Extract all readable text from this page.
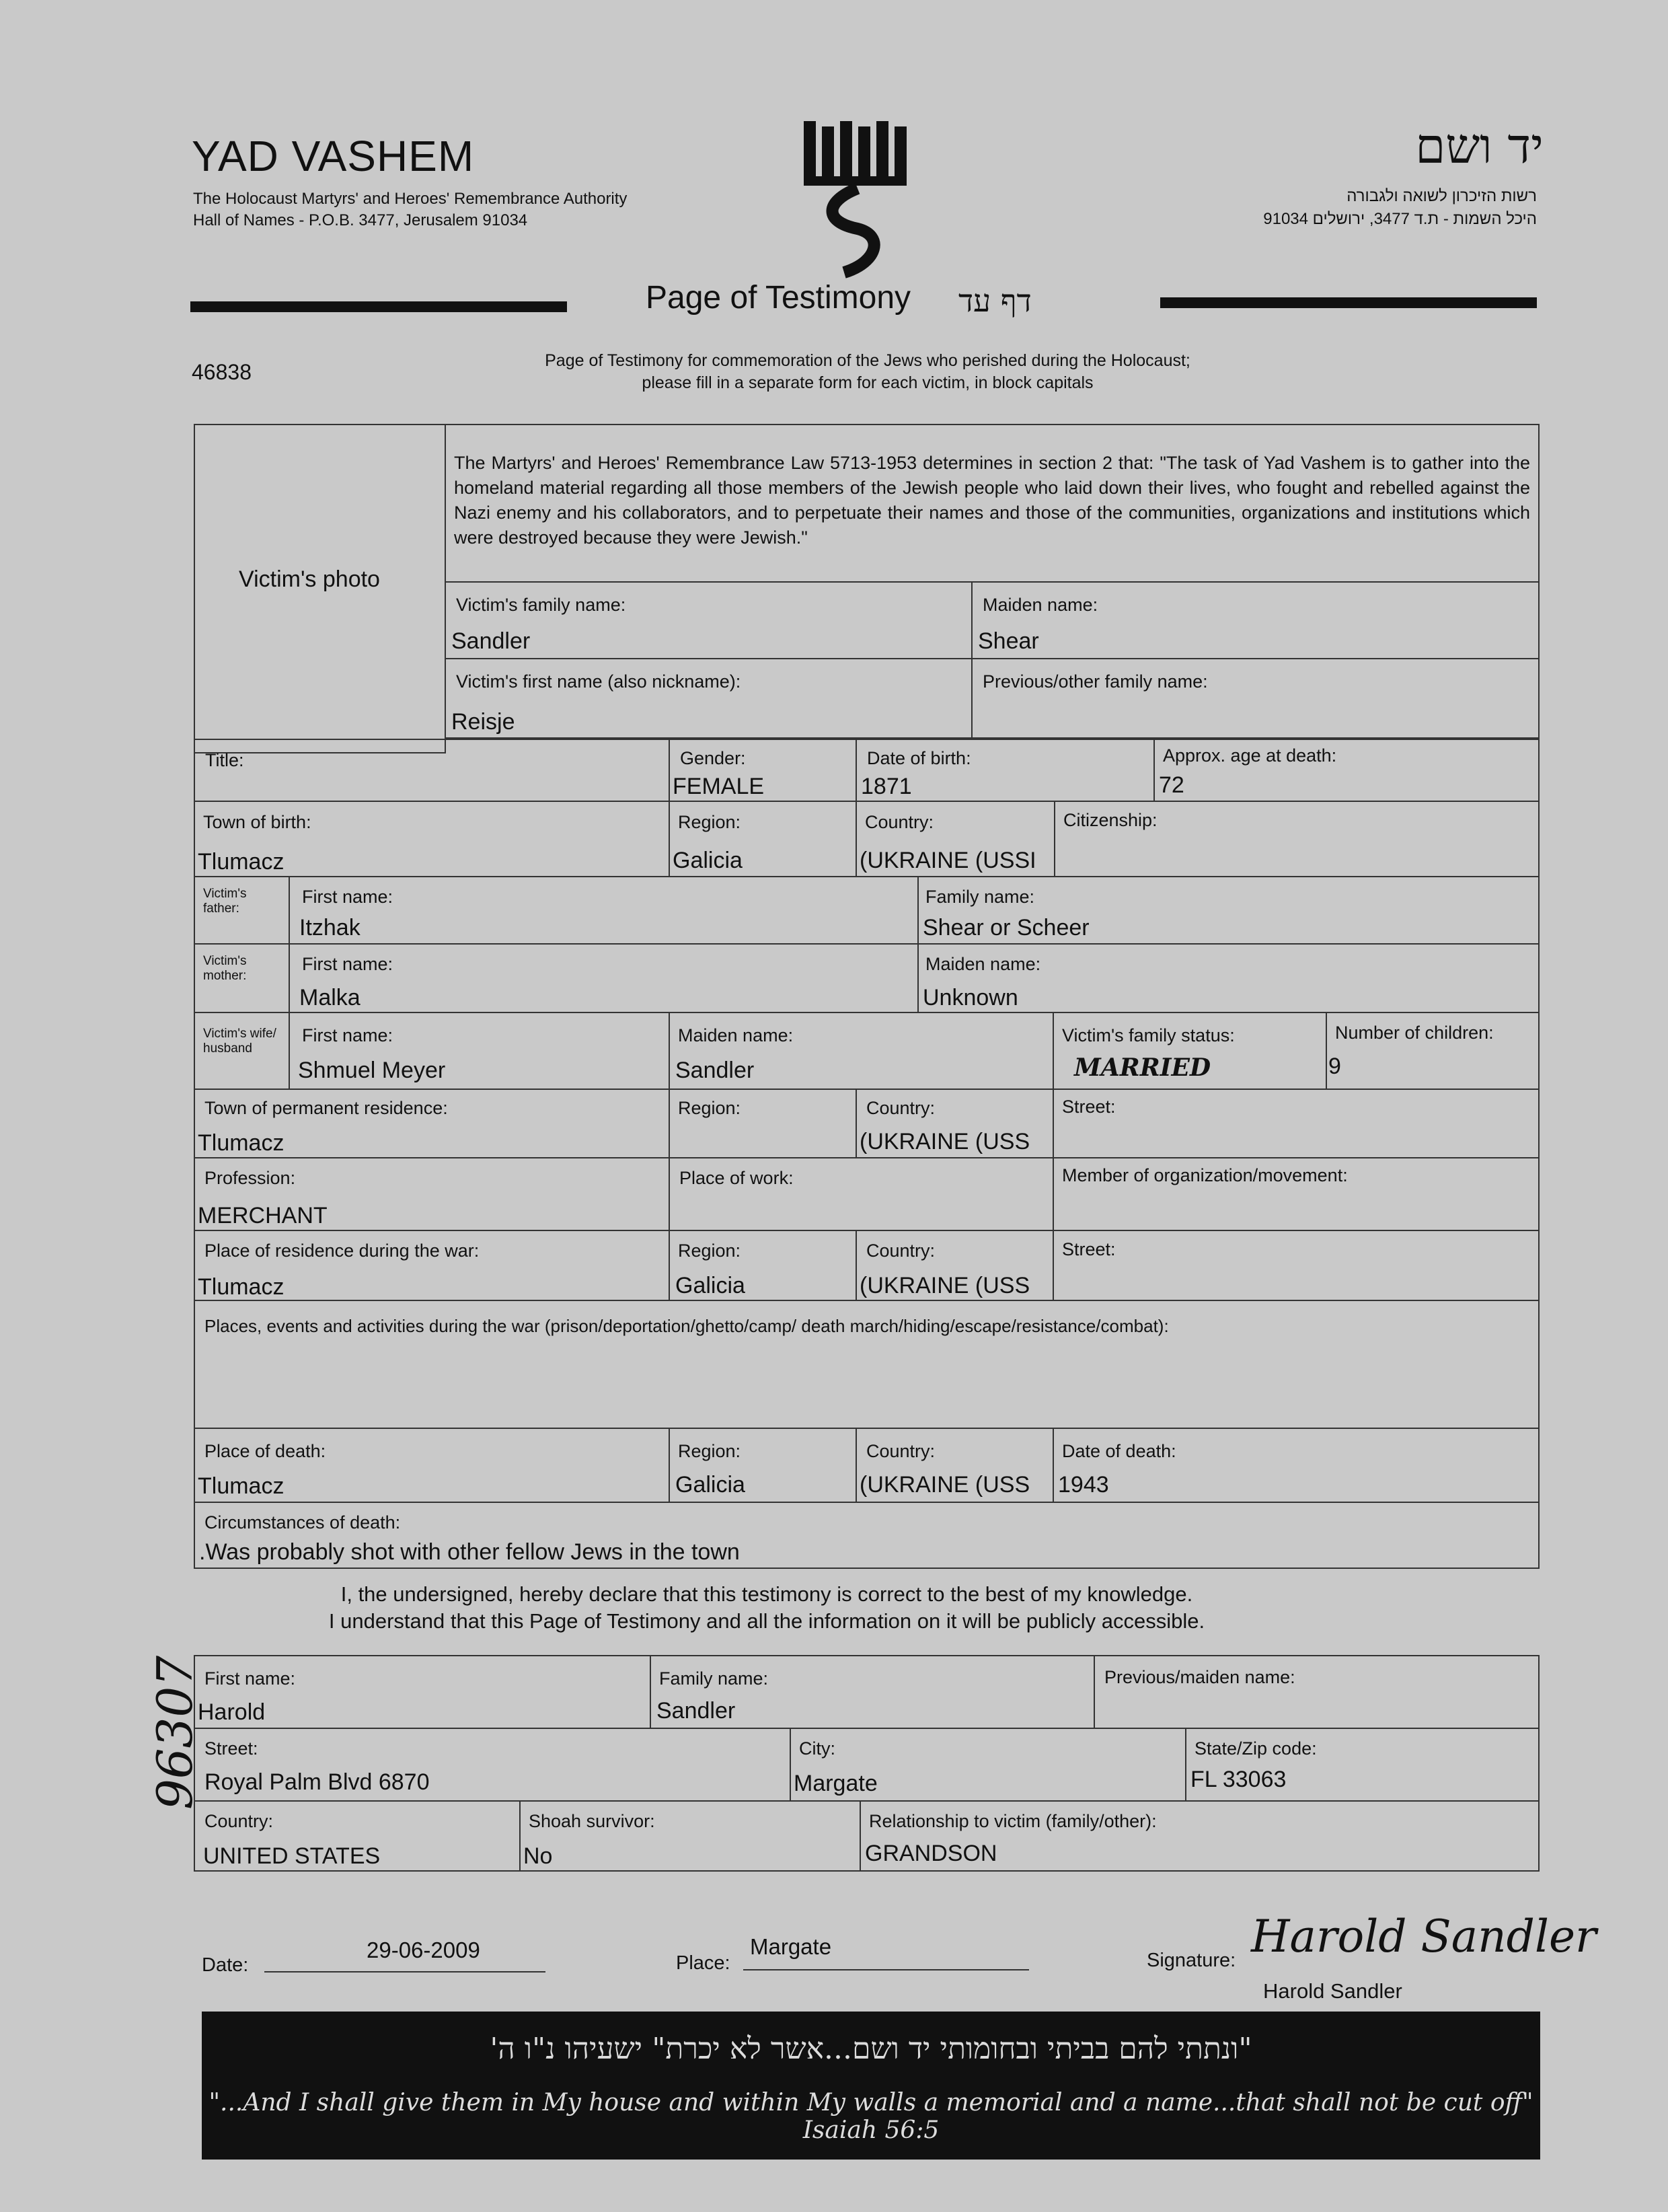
YAD VASHEM
The Holocaust Martyrs' and Heroes' Remembrance Authority
Hall of Names - P.O.B. 3477, Jerusalem 91034
יד ושם
רשות הזיכרון לשואה ולגבורה
היכל השמות - ת.ד 3477, ירושלים 91034
Page of Testimony דף עד
46838	Page of Testimony for commemoration of the Jews who perished during the Holocaust;
please fill in a separate form for each victim, in block capitals
Victim's photo
The Martyrs' and Heroes' Remembrance Law 5713-1953 determines in section 2 that: "The task of Yad Vashem is to gather into the homeland material regarding all those members of the Jewish people who laid down their lives, who fought and rebelled against the Nazi enemy and his collaborators, and to perpetuate their names and those of the communities, organizations and institutions which were destroyed because they were Jewish."
Victim's family name:
Sandler
Maiden name:
Shear
Victim's first name (also nickname):
Reisje
Previous/other family name:
Title:	Gender:
FEMALE
Date of birth:
1871
Approx. age at death:
72
Town of birth:
Tlumacz
Region:
Galicia
Country:
(UKRAINE (USSI
Citizenship:
Victim's father:
First name:
Itzhak
Family name:
Shear or Scheer
Victim's mother:
First name:
Malka
Maiden name:
Unknown
Victim's wife/ husband
First name:
Shmuel Meyer
Maiden name:
Sandler
Victim's family status:
MARRIED
Number of children:
9
Town of permanent residence:
Tlumacz
Region:	Country:
(UKRAINE (USS
Street:
Profession:
MERCHANT
Place of work:	Member of organization/movement:
Place of residence during the war:
Tlumacz
Region:
Galicia
Country:
(UKRAINE (USS
Street:
Places, events and activities during the war (prison/deportation/ghetto/camp/ death march/hiding/escape/resistance/combat):
Place of death:
Tlumacz
Region:
Galicia
Country:
(UKRAINE (USS
Date of death:
1943
Circumstances of death:
.Was probably shot with other fellow Jews in the town
I, the undersigned, hereby declare that this testimony is correct to the best of my knowledge.
I understand that this Page of Testimony and all the information on it will be publicly accessible.
First name:
Harold
Family name:
Sandler
Previous/maiden name:
Street:
Royal Palm Blvd 6870
City:
Margate
State/Zip code:
FL 33063
Country:
UNITED STATES
Shoah survivor:
No
Relationship to victim (family/other):
GRANDSON
96307
Date:
29-06-2009
Place:
Margate
Signature: Harold Sandler
Harold Sandler
"ונתתי להם בביתי ובחומותי יד ושם...אשר לא יכרת" ישעיהו נ"ו ה'
"...And I shall give them in My house and within My walls a memorial and a name...that shall not be cut off" Isaiah 56:5
